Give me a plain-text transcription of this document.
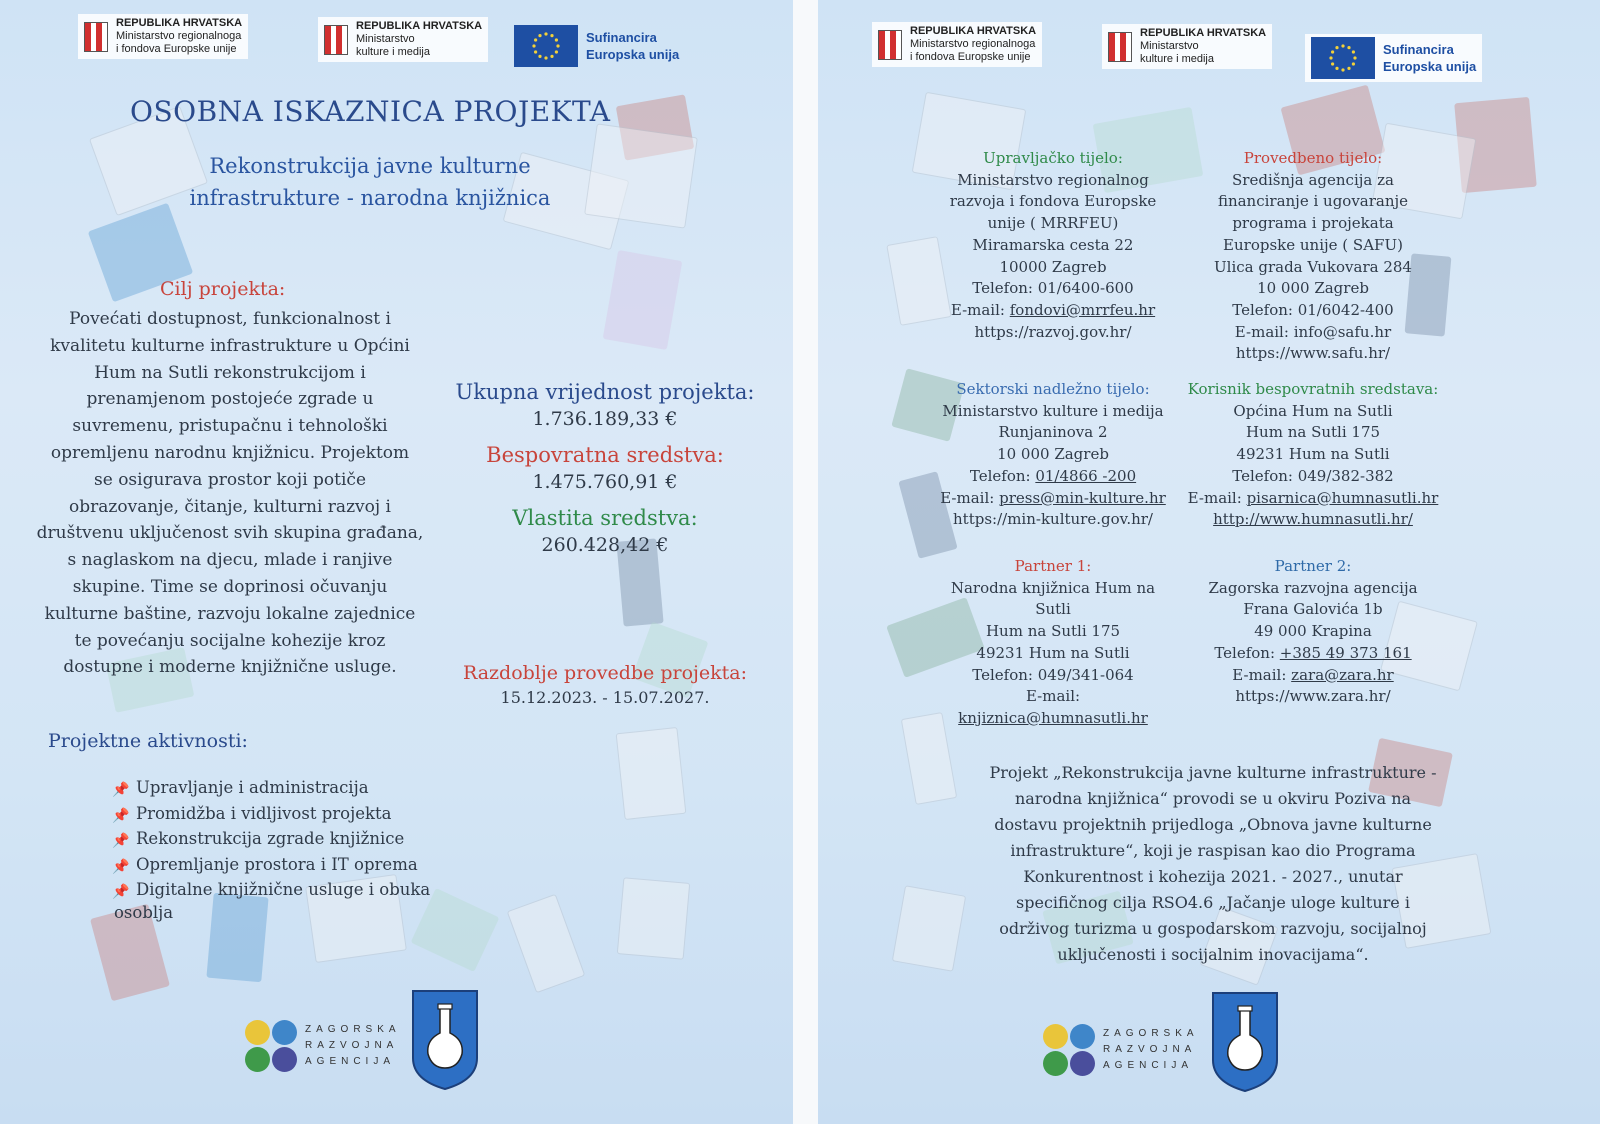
REPUBLIKA HRVATSKA
Ministarstvo regionalnoga
i fondova Europske unije
REPUBLIKA HRVATSKA
Ministarstvo
kulture i medija
Sufinancira
Europska unija
OSOBNA ISKAZNICA PROJEKTA
Rekonstrukcija javne kulturne
infrastrukture - narodna knjižnica
Cilj projekta:
Povećati dostupnost, funkcionalnost i
kvalitetu kulturne infrastrukture u Općini
Hum na Sutli rekonstrukcijom i
prenamjenom postojeće zgrade u
suvremenu, pristupačnu i tehnološki
opremljenu narodnu knjižnicu. Projektom
se osigurava prostor koji potiče
obrazovanje, čitanje, kulturni razvoj i
društvenu uključenost svih skupina građana,
s naglaskom na djecu, mlade i ranjive
skupine. Time se doprinosi očuvanju
kulturne baštine, razvoju lokalne zajednice
te povećanju socijalne kohezije kroz
dostupne i moderne knjižnične usluge.
Ukupna vrijednost projekta:
1.736.189,33 €
Bespovratna sredstva:
1.475.760,91 €
Vlastita sredstva:
260.428,42 €
Razdoblje provedbe projekta:
15.12.2023. - 15.07.2027.
Projektne aktivnosti:
📌 Upravljanje i administracija
📌 Promidžba i vidljivost projekta
📌 Rekonstrukcija zgrade knjižnice
📌 Opremljanje prostora i IT oprema
📌 Digitalne knjižnične usluge i obuka
osoblja
ZAGORSKA
RAZVOJNA
AGENCIJA
REPUBLIKA HRVATSKA
Ministarstvo regionalnoga
i fondova Europske unije
REPUBLIKA HRVATSKA
Ministarstvo
kulture i medija
Sufinancira
Europska unija
Upravljačko tijelo:
Ministarstvo regionalnog
razvoja i fondova Europske
unije ( MRRFEU)
Miramarska cesta 22
10000 Zagreb
Telefon: 01/6400-600
E-mail: fondovi@mrrfeu.hr
https://razvoj.gov.hr/
Provedbeno tijelo:
Središnja agencija za
financiranje i ugovaranje
programa i projekata
Europske unije ( SAFU)
Ulica grada Vukovara 284
10 000 Zagreb
Telefon: 01/6042-400
E-mail: info@safu.hr
https://www.safu.hr/
Sektorski nadležno tijelo:
Ministarstvo kulture i medija
Runjaninova 2
10 000 Zagreb
Telefon: 01/4866 -200
E-mail: press@min-kulture.hr
https://min-kulture.gov.hr/
Korisnik bespovratnih sredstava:
Općina Hum na Sutli
Hum na Sutli 175
49231 Hum na Sutli
Telefon: 049/382-382
E-mail: pisarnica@humnasutli.hr
http://www.humnasutli.hr/
Partner 1:
Narodna knjižnica Hum na
Sutli
Hum na Sutli 175
49231 Hum na Sutli
Telefon: 049/341-064
E-mail:
knjiznica@humnasutli.hr
Partner 2:
Zagorska razvojna agencija
Frana Galovića 1b
49 000 Krapina
Telefon: +385 49 373 161
E-mail: zara@zara.hr
https://www.zara.hr/
Projekt „Rekonstrukcija javne kulturne infrastrukture -
narodna knjižnica“ provodi se u okviru Poziva na
dostavu projektnih prijedloga „Obnova javne kulturne
infrastrukture“, koji je raspisan kao dio Programa
Konkurentnost i kohezija 2021. - 2027., unutar
specifičnog cilja RSO4.6 „Jačanje uloge kulture i
održivog turizma u gospodarskom razvoju, socijalnoj
uključenosti i socijalnim inovacijama“.
ZAGORSKA
RAZVOJNA
AGENCIJA
